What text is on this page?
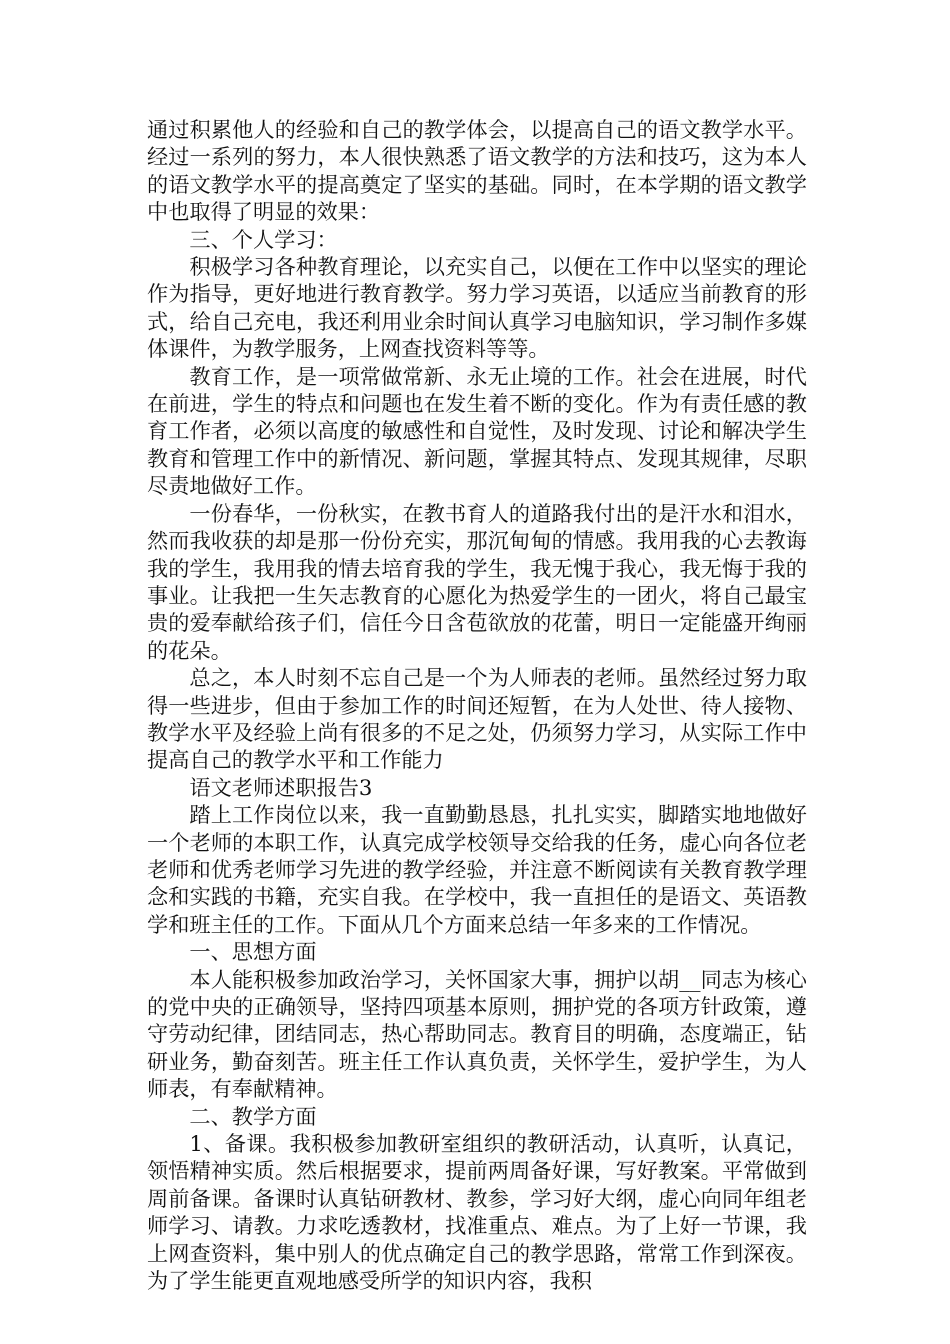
通过积累他人的经验和自己的教学体会，以提高自己的语文教学水平。经过一系列的努力，本人很快熟悉了语文教学的方法和技巧，这为本人的语文教学水平的提高奠定了坚实的基础。同时，在本学期的语文教学中也取得了明显的效果：

三、个人学习：

积极学习各种教育理论，以充实自己，以便在工作中以坚实的理论作为指导，更好地进行教育教学。努力学习英语，以适应当前教育的形式，给自己充电，我还利用业余时间认真学习电脑知识，学习制作多媒体课件，为教学服务，上网查找资料等等。

教育工作，是一项常做常新、永无止境的工作。社会在进展，时代在前进，学生的特点和问题也在发生着不断的变化。作为有责任感的教育工作者，必须以高度的敏感性和自觉性，及时发现、讨论和解决学生教育和管理工作中的新情况、新问题，掌握其特点、发现其规律，尽职尽责地做好工作。

一份春华，一份秋实，在教书育人的道路我付出的是汗水和泪水，然而我收获的却是那一份份充实，那沉甸甸的情感。我用我的心去教诲我的学生，我用我的情去培育我的学生，我无愧于我心，我无悔于我的事业。让我把一生矢志教育的心愿化为热爱学生的一团火，将自己最宝贵的爱奉献给孩子们，信任今日含苞欲放的花蕾，明日一定能盛开绚丽的花朵。

总之，本人时刻不忘自己是一个为人师表的老师。虽然经过努力取得一些进步，但由于参加工作的时间还短暂，在为人处世、待人接物、教学水平及经验上尚有很多的不足之处，仍须努力学习，从实际工作中提高自己的教学水平和工作能力

语文老师述职报告3

踏上工作岗位以来，我一直勤勤恳恳，扎扎实实，脚踏实地地做好一个老师的本职工作，认真完成学校领导交给我的任务，虚心向各位老老师和优秀老师学习先进的教学经验，并注意不断阅读有关教育教学理念和实践的书籍，充实自我。在学校中，我一直担任的是语文、英语教学和班主任的工作。下面从几个方面来总结一年多来的工作情况。

一、思想方面

本人能积极参加政治学习，关怀国家大事，拥护以胡__同志为核心的党中央的正确领导，坚持四项基本原则，拥护党的各项方针政策，遵守劳动纪律，团结同志，热心帮助同志。教育目的明确，态度端正，钻研业务，勤奋刻苦。班主任工作认真负责，关怀学生，爱护学生，为人师表，有奉献精神。

二、教学方面

1、备课。我积极参加教研室组织的教研活动，认真听，认真记，领悟精神实质。然后根据要求，提前两周备好课，写好教案。平常做到周前备课。备课时认真钻研教材、教参，学习好大纲，虚心向同年组老师学习、请教。力求吃透教材，找准重点、难点。为了上好一节课，我上网查资料，集中别人的优点确定自己的教学思路，常常工作到深夜。为了学生能更直观地感受所学的知识内容，我积
